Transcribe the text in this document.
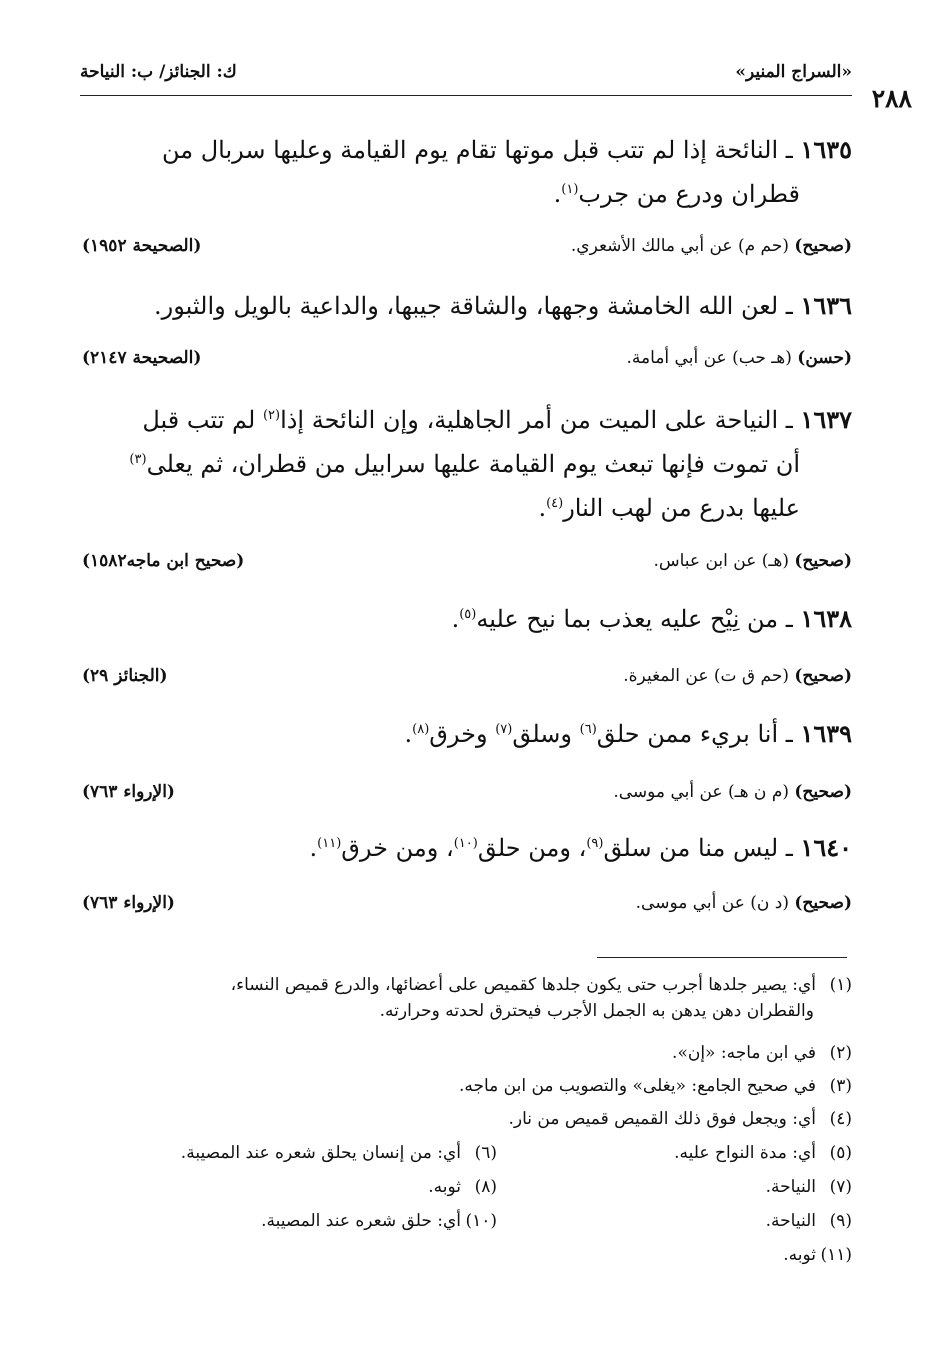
«السراج المنير»
ك: الجنائز/ ب: النياحة
٢٨٨
١٦٣٥ ـ النائحة إذا لم تتب قبل موتها تقام يوم القيامة وعليها سربال من
قطران ودرع من جرب$^{(١)}$.
(صحيح) (حم م) عن أبي مالك الأشعري.
(الصحيحة ١٩٥٢)
١٦٣٦ ـ لعن الله الخامشة وجهها، والشاقة جيبها، والداعية بالويل والثبور.
(حسن) (هـ حب) عن أبي أمامة.
(الصحيحة ٢١٤٧)
١٦٣٧ ـ النياحة على الميت من أمر الجاهلية، وإن النائحة إذا$^{(٢)}$ لم تتب قبل
أن تموت فإنها تبعث يوم القيامة عليها سرابيل من قطران، ثم يعلى$^{(٣)}$
عليها بدرع من لهب النار$^{(٤)}$.
(صحيح) (هـ) عن ابن عباس.
(صحيح ابن ماجه١٥٨٢)
١٦٣٨ ـ من نِيْح عليه يعذب بما نيح عليه$^{(٥)}$.
(صحيح) (حم ق ت) عن المغيرة.
(الجنائز ٢٩)
١٦٣٩ ـ أنا بريء ممن حلق$^{(٦)}$ وسلق$^{(٧)}$ وخرق$^{(٨)}$.
(صحيح) (م ن هـ) عن أبي موسى.
(الإرواء ٧٦٣)
١٦٤٠ ـ ليس منا من سلق$^{(٩)}$، ومن حلق$^{(١٠)}$، ومن خرق$^{(١١)}$.
(صحيح) (د ن) عن أبي موسى.
(الإرواء ٧٦٣)
(١)أي: يصير جلدها أجرب حتى يكون جلدها كقميص على أعضائها، والدرع قميص النساء،
والقطران دهن يدهن به الجمل الأجرب فيحترق لحدته وحرارته.
(٢)في ابن ماجه: «إن».
(٣)في صحيح الجامع: «يغلى» والتصويب من ابن ماجه.
(٤)أي: ويجعل فوق ذلك القميص قميص من نار.
(٥)أي: مدة النواح عليه.
(٦)أي: من إنسان يحلق شعره عند المصيبة.
(٧)النياحة.
(٨)ثوبه.
(٩)النياحة.
(١٠)أي: حلق شعره عند المصيبة.
(١١)ثوبه.
